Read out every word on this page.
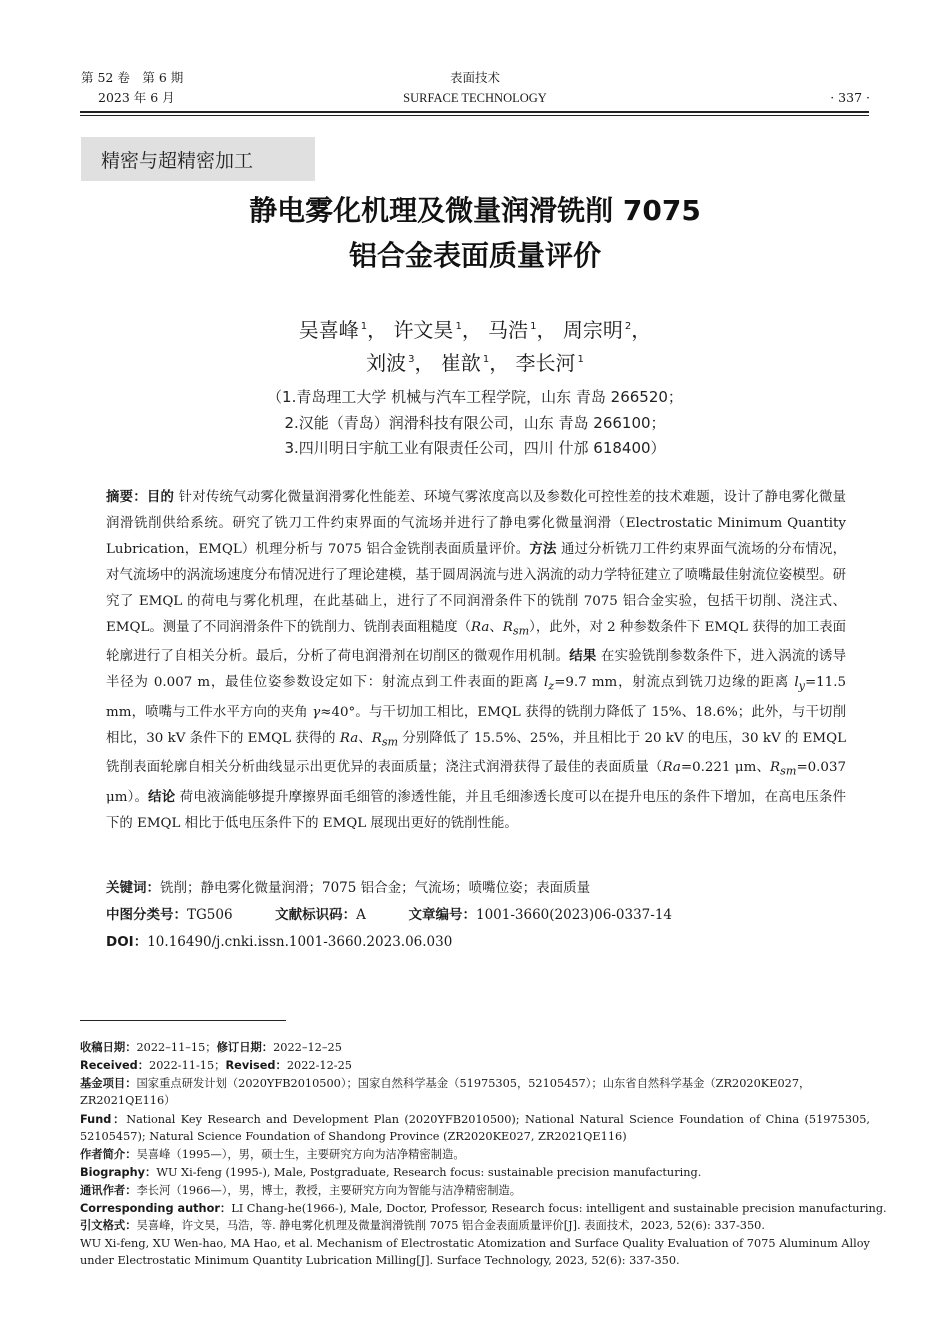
第 52 卷　第 6 期
2023 年 6 月
表面技术
SURFACE TECHNOLOGY	· 337 ·
精密与超精密加工
静电雾化机理及微量润滑铣削 7075
铝合金表面质量评价
吴喜峰 $^1$， 许文昊 $^1$， 马浩 $^1$， 周宗明 $^2$，
刘波 $^3$， 崔歆 $^1$， 李长河 $^1$
（1.青岛理工大学 机械与汽车工程学院，山东 青岛 266520；
2.汉能（青岛）润滑科技有限公司，山东 青岛 266100；
3.四川明日宇航工业有限责任公司，四川 什邡 618400）
摘要：目的 针对传统气动雾化微量润滑雾化性能差、环境气雾浓度高以及参数化可控性差的技术难题，设计了静电雾化微量润滑铣削供给系统。研究了铣刀工件约束界面的气流场并进行了静电雾化微量润滑（Electrostatic Minimum Quantity Lubrication，EMQL）机理分析与 7075 铝合金铣削表面质量评价。方法 通过分析铣刀工件约束界面气流场的分布情况，对气流场中的涡流场速度分布情况进行了理论建模，基于圆周涡流与进入涡流的动力学特征建立了喷嘴最佳射流位姿模型。研究了 EMQL 的荷电与雾化机理，在此基础上，进行了不同润滑条件下的铣削 7075 铝合金实验，包括干切削、浇注式、EMQL。测量了不同润滑条件下的铣削力、铣削表面粗糙度（Ra、$R_{sm}$），此外，对 2 种参数条件下 EMQL 获得的加工表面轮廓进行了自相关分析。最后，分析了荷电润滑剂在切削区的微观作用机制。结果 在实验铣削参数条件下，进入涡流的诱导半径为 0.007 m，最佳位姿参数设定如下：射流点到工件表面的距离 $l_z=9.7$ mm，射流点到铣刀边缘的距离 $l_y=11.5$ mm，喷嘴与工件水平方向的夹角 γ≈40°。与干切加工相比，EMQL 获得的铣削力降低了 15%、18.6%；此外，与干切削相比，30 kV 条件下的 EMQL 获得的 Ra、$R_{sm}$ 分别降低了 15.5%、25%，并且相比于 20 kV 的电压，30 kV 的 EMQL 铣削表面轮廓自相关分析曲线显示出更优异的表面质量；浇注式润滑获得了最佳的表面质量（Ra=0.221 μm、$R_{sm}=0.037$ μm）。结论 荷电液滴能够提升摩擦界面毛细管的渗透性能，并且毛细渗透长度可以在提升电压的条件下增加，在高电压条件下的 EMQL 相比于低电压条件下的 EMQL 展现出更好的铣削性能。
关键词：铣削；静电雾化微量润滑；7075 铝合金；气流场；喷嘴位姿；表面质量
中图分类号：TG506	文献标识码：A	文章编号：1001-3660(2023)06-0337-14
DOI：10.16490/j.cnki.issn.1001-3660.2023.06.030
收稿日期：2022–11–15；修订日期：2022–12–25
Received：2022-11-15；Revised：2022-12-25
基金项目：国家重点研发计划（2020YFB2010500）；国家自然科学基金（51975305，52105457）；山东省自然科学基金（ZR2020KE027，ZR2021QE116）
Fund：National Key Research and Development Plan (2020YFB2010500); National Natural Science Foundation of China (51975305, 52105457); Natural Science Foundation of Shandong Province (ZR2020KE027, ZR2021QE116)
作者简介：吴喜峰（1995—），男，硕士生，主要研究方向为洁净精密制造。
Biography：WU Xi-feng (1995-), Male, Postgraduate, Research focus: sustainable precision manufacturing.
通讯作者：李长河（1966—），男，博士，教授，主要研究方向为智能与洁净精密制造。
Corresponding author：LI Chang-he(1966-), Male, Doctor, Professor, Research focus: intelligent and sustainable precision manufacturing.
引文格式：吴喜峰，许文昊，马浩，等. 静电雾化机理及微量润滑铣削 7075 铝合金表面质量评价[J]. 表面技术，2023, 52(6): 337-350.
WU Xi-feng, XU Wen-hao, MA Hao, et al. Mechanism of Electrostatic Atomization and Surface Quality Evaluation of 7075 Aluminum Alloy under Electrostatic Minimum Quantity Lubrication Milling[J]. Surface Technology, 2023, 52(6): 337-350.
